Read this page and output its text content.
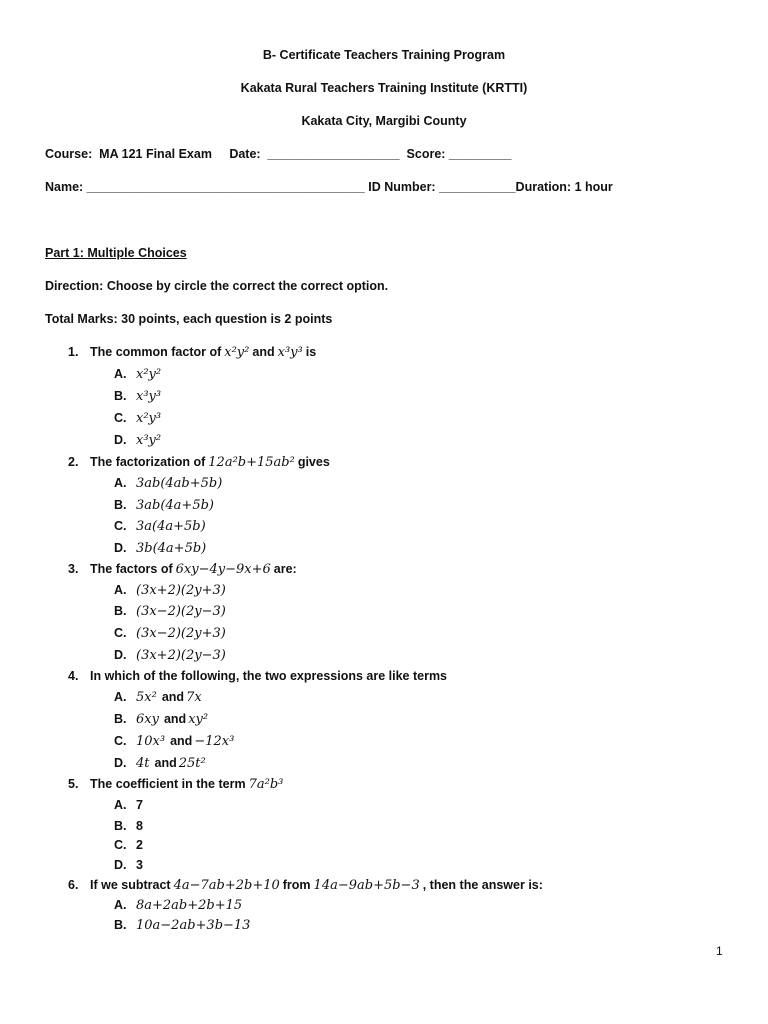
B- Certificate Teachers Training Program
Kakata Rural Teachers Training Institute (KRTTI)
Kakata City, Margibi County
Course:  MA 121 Final Exam     Date:  ___________________  Score: _________
Name: ________________________________________ ID Number: ___________Duration: 1 hour
Part 1: Multiple Choices
Direction: Choose by circle the correct the correct option.
Total Marks: 30 points, each question is 2 points
1. The common factor of x²y² and x³y³ is
A. x²y²
B. x³y³
C. x²y³
D. x³y²
2. The factorization of 12a²b+15ab² gives
A. 3ab(4ab+5b)
B. 3ab(4a+5b)
C. 3a(4a+5b)
D. 3b(4a+5b)
3. The factors of 6xy−4y−9x+6 are:
A. (3x+2)(2y+3)
B. (3x−2)(2y−3)
C. (3x−2)(2y+3)
D. (3x+2)(2y−3)
4. In which of the following, the two expressions are like terms
A. 5x² and 7x
B. 6xy and xy²
C. 10x³ and −12x³
D. 4t and 25t²
5. The coefficient in the term 7a²b³
A. 7
B. 8
C. 2
D. 3
6. If we subtract 4a−7ab+2b+10 from 14a−9ab+5b−3 , then the answer is:
A. 8a+2ab+2b+15
B. 10a−2ab+3b−13
1
